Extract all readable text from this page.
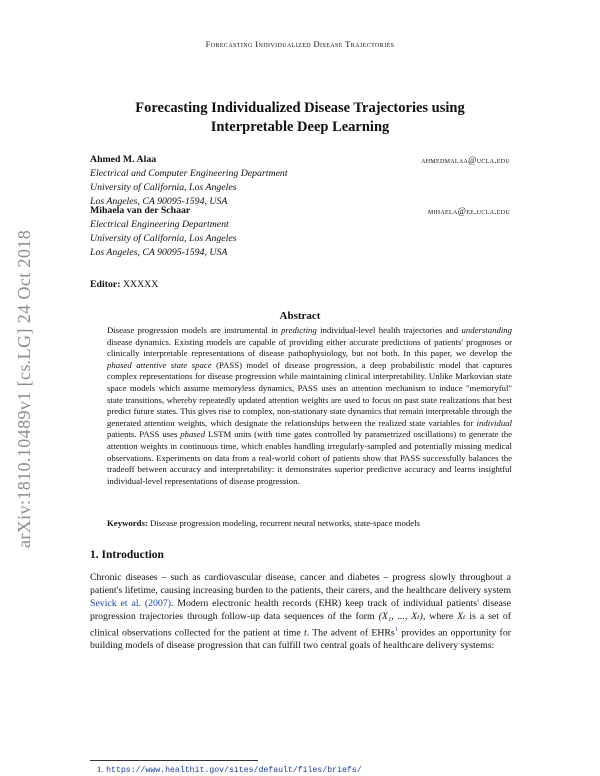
Forecasting Individualized Disease Trajectories
arXiv:1810.10489v1 [cs.LG] 24 Oct 2018
Forecasting Individualized Disease Trajectories using
Interpretable Deep Learning
Ahmed M. Alaa	ahmedmalaa@ucla.edu
Electrical and Computer Engineering Department
University of California, Los Angeles
Los Angeles, CA 90095-1594, USA
Mihaela van der Schaar	mihaela@ee.ucla.edu
Electrical Engineering Department
University of California, Los Angeles
Los Angeles, CA 90095-1594, USA
Editor: XXXXX
Abstract
Disease progression models are instrumental in predicting individual-level health trajectories and understanding disease dynamics. Existing models are capable of providing either accurate predictions of patients' prognoses or clinically interpretable representations of disease pathophysiology, but not both. In this paper, we develop the phased attentive state space (PASS) model of disease progression, a deep probabilistic model that captures complex representations for disease progression while maintaining clinical interpretability. Unlike Markovian state space models which assume memoryless dynamics, PASS uses an attention mechanism to induce "memoryful" state transitions, whereby repeatedly updated attention weights are used to focus on past state realizations that best predict future states. This gives rise to complex, non-stationary state dynamics that remain interpretable through the generated attention weights, which designate the relationships between the realized state variables for individual patients. PASS uses phased LSTM units (with time gates controlled by parametrized oscillations) to generate the attention weights in continuous time, which enables handling irregularly-sampled and potentially missing medical observations. Experiments on data from a real-world cohort of patients show that PASS successfully balances the tradeoff between accuracy and interpretability: it demonstrates superior predictive accuracy and learns insightful individual-level representations of disease progression.
Keywords: Disease progression modeling, recurrent neural networks, state-space models
1. Introduction
Chronic diseases – such as cardiovascular disease, cancer and diabetes – progress slowly throughout a patient's lifetime, causing increasing burden to the patients, their carers, and the healthcare delivery system Sevick et al. (2007). Modern electronic health records (EHR) keep track of individual patients' disease progression trajectories through follow-up data sequences of the form (X₁, ..., Xₜ), where Xₜ is a set of clinical observations collected for the patient at time t. The advent of EHRs$^1$ provides an opportunity for building models of disease progression that can fulfill two central goals of healthcare delivery systems:
1. https://www.healthit.gov/sites/default/files/briefs/
